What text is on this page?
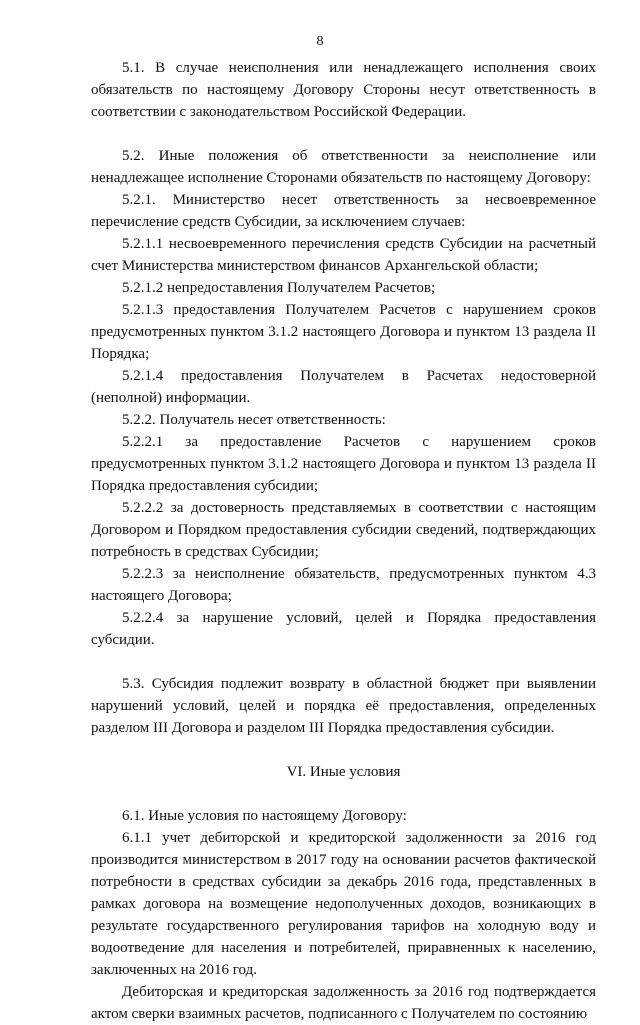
8

5.1. В случае неисполнения или ненадлежащего исполнения своих обязательств по настоящему Договору Стороны несут ответственность в соответствии с законодательством Российской Федерации.

5.2. Иные положения об ответственности за неисполнение или ненадлежащее исполнение Сторонами обязательств по настоящему Договору:

5.2.1. Министерство несет ответственность за несвоевременное перечисление средств Субсидии, за исключением случаев:

5.2.1.1 несвоевременного перечисления средств Субсидии на расчетный счет Министерства министерством финансов Архангельской области;

5.2.1.2 непредоставления Получателем Расчетов;

5.2.1.3 предоставления Получателем Расчетов с нарушением сроков предусмотренных пунктом 3.1.2 настоящего Договора и пунктом 13 раздела II Порядка;

5.2.1.4 предоставления Получателем в Расчетах недостоверной (неполной) информации.

5.2.2. Получатель несет ответственность:

5.2.2.1 за предоставление Расчетов с нарушением сроков предусмотренных пунктом 3.1.2 настоящего Договора и пунктом 13 раздела II Порядка предоставления субсидии;

5.2.2.2 за достоверность представляемых в соответствии с настоящим Договором и Порядком предоставления субсидии сведений, подтверждающих потребность в средствах Субсидии;

5.2.2.3 за неисполнение обязательств, предусмотренных пунктом 4.3 настоящего Договора;

5.2.2.4 за нарушение условий, целей и Порядка предоставления субсидии.

5.3. Субсидия подлежит возврату в областной бюджет при выявлении нарушений условий, целей и порядка её предоставления, определенных разделом III Договора и разделом III Порядка предоставления субсидии.

VI. Иные условия

6.1. Иные условия по настоящему Договору:

6.1.1 учет дебиторской и кредиторской задолженности за 2016 год производится министерством в 2017 году на основании расчетов фактической потребности в средствах субсидии за декабрь 2016 года, представленных в рамках договора на возмещение недополученных доходов, возникающих в результате государственного регулирования тарифов на холодную воду и водоотведение для населения и потребителей, приравненных к населению, заключенных на 2016 год.

Дебиторская и кредиторская задолженность за 2016 год подтверждается актом сверки взаимных расчетов, подписанного с Получателем по состоянию
